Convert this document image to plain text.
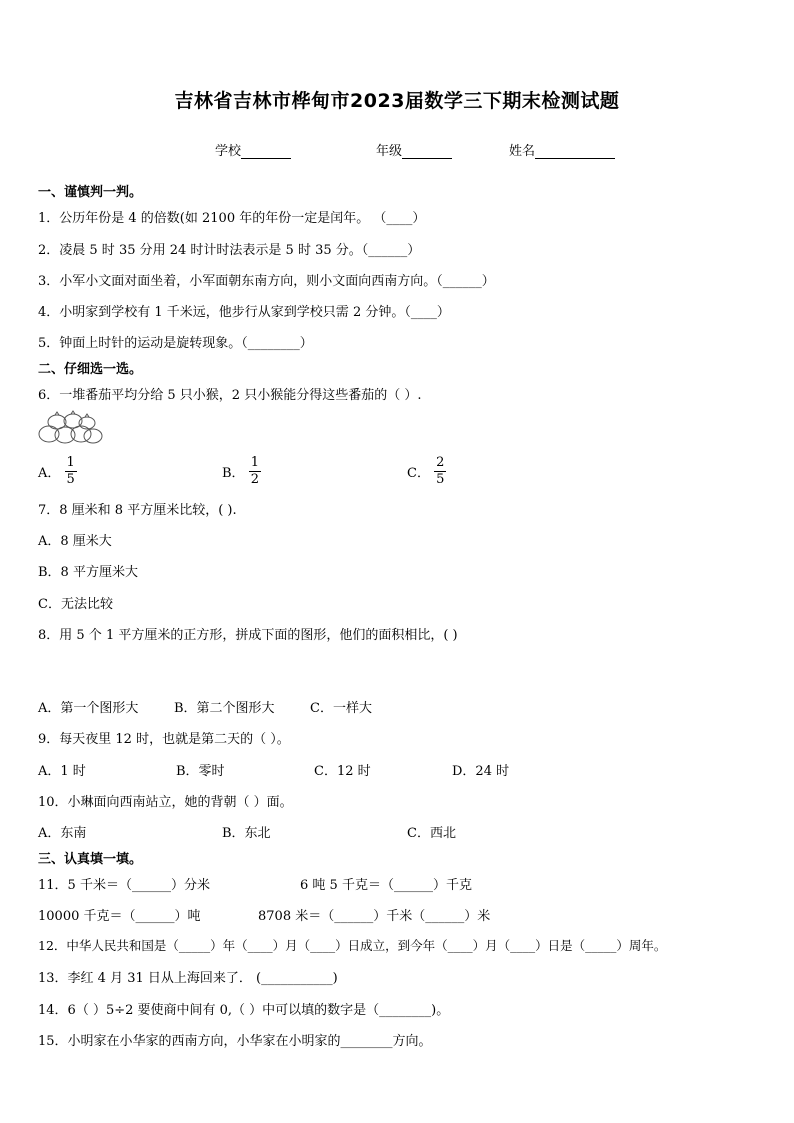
吉林省吉林市桦甸市2023届数学三下期末检测试题
学校	年级	姓名
一、谨慎判一判。
1．公历年份是 4 的倍数(如 2100 年的年份一定是闰年。 （____）
2．凌晨 5 时 35 分用 24 时计时法表示是 5 时 35 分。（______）
3．小军小文面对面坐着，小军面朝东南方向，则小文面向西南方向。（______）
4．小明家到学校有 1 千米远，他步行从家到学校只需 2 分钟。（____）
5．钟面上时针的运动是旋转现象。（________）
二、仔细选一选。
6．一堆番茄平均分给 5 只小猴，2 只小猴能分得这些番茄的（ ）.
A． $\frac{1}{5}$	B． $\frac{1}{2}$	C． $\frac{2}{5}$
7．8 厘米和 8 平方厘米比较，( ).
A．8 厘米大
B．8 平方厘米大
C．无法比较
8．用 5 个 1 平方厘米的正方形，拼成下面的图形，他们的面积相比，( )
A．第一个图形大	B．第二个图形大	C．一样大
9．每天夜里 12 时，也就是第二天的（ ）。
A．1 时	B．零时	C．12 时	D．24 时
10．小琳面向西南站立，她的背朝（ ）面。
A．东南	B．东北	C．西北
三、认真填一填。
11．5 千米＝（______）分米	6 吨 5 千克＝（______）千克
10000 千克＝（______）吨	8708 米＝（______）千米（______）米
12．中华人民共和国是（_____）年（____）月（____）日成立，到今年（____）月（____）日是（_____）周年。
13．李红 4 月 31 日从上海回来了． (___________)
14．6（ ）5÷2 要使商中间有 0,（ ）中可以填的数字是（________)。
15．小明家在小华家的西南方向，小华家在小明家的________方向。
